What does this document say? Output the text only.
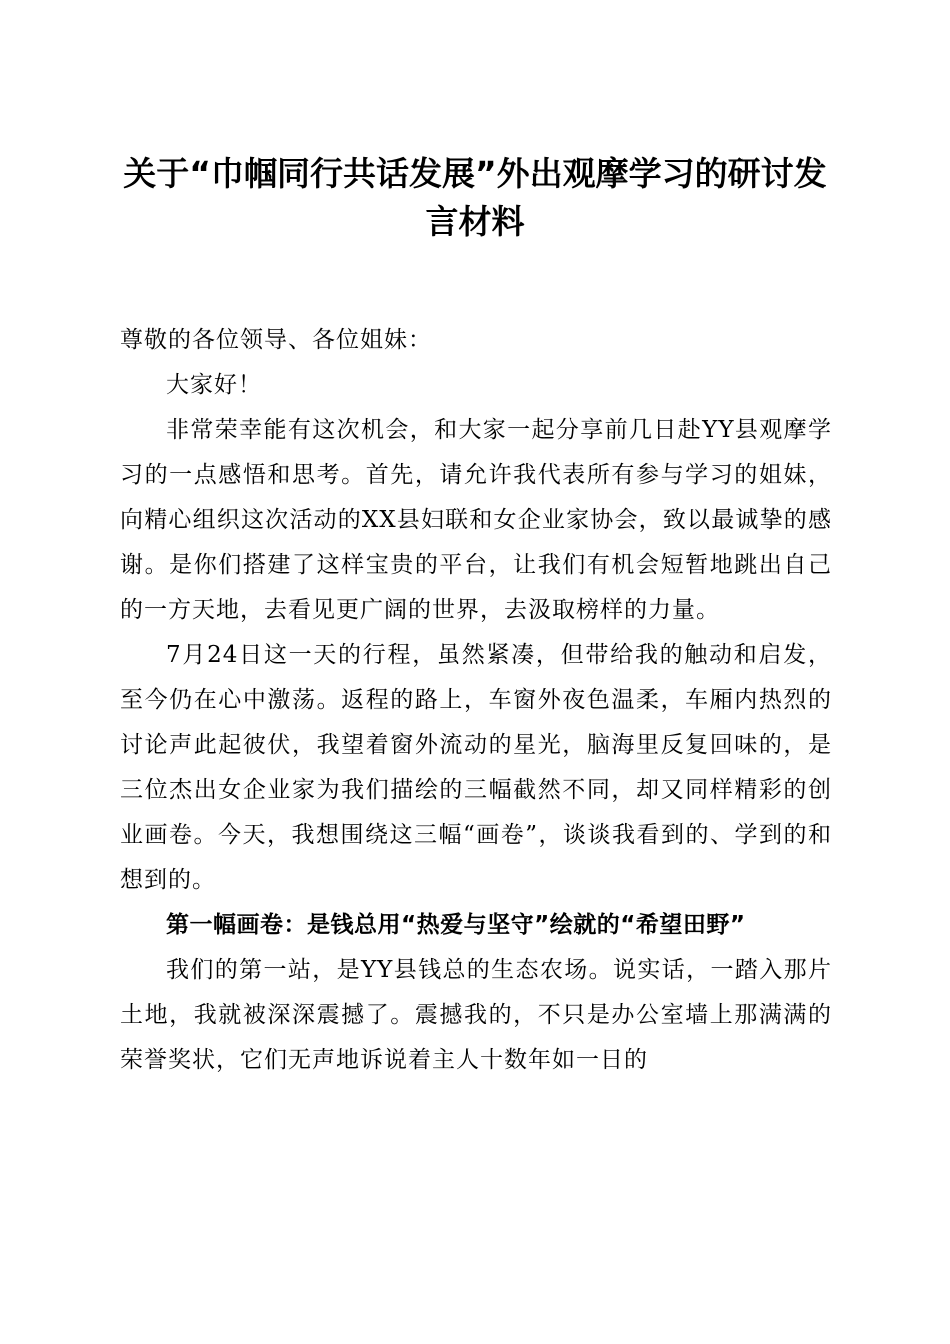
关于“巾帼同行共话发展”外出观摩学习的研讨发言材料

尊敬的各位领导、各位姐妹：

大家好！

非常荣幸能有这次机会，和大家一起分享前几日赴YY县观摩学习的一点感悟和思考。首先，请允许我代表所有参与学习的姐妹，向精心组织这次活动的XX县妇联和女企业家协会，致以最诚挚的感谢。是你们搭建了这样宝贵的平台，让我们有机会短暂地跳出自己的一方天地，去看见更广阔的世界，去汲取榜样的力量。

7月24日这一天的行程，虽然紧凑，但带给我的触动和启发，至今仍在心中激荡。返程的路上，车窗外夜色温柔，车厢内热烈的讨论声此起彼伏，我望着窗外流动的星光，脑海里反复回味的，是三位杰出女企业家为我们描绘的三幅截然不同，却又同样精彩的创业画卷。今天，我想围绕这三幅“画卷”，谈谈我看到的、学到的和想到的。

第一幅画卷：是钱总用“热爱与坚守”绘就的“希望田野”

我们的第一站，是YY县钱总的生态农场。说实话，一踏入那片土地，我就被深深震撼了。震撼我的，不只是办公室墙上那满满的荣誉奖状，它们无声地诉说着主人十数年如一日的
